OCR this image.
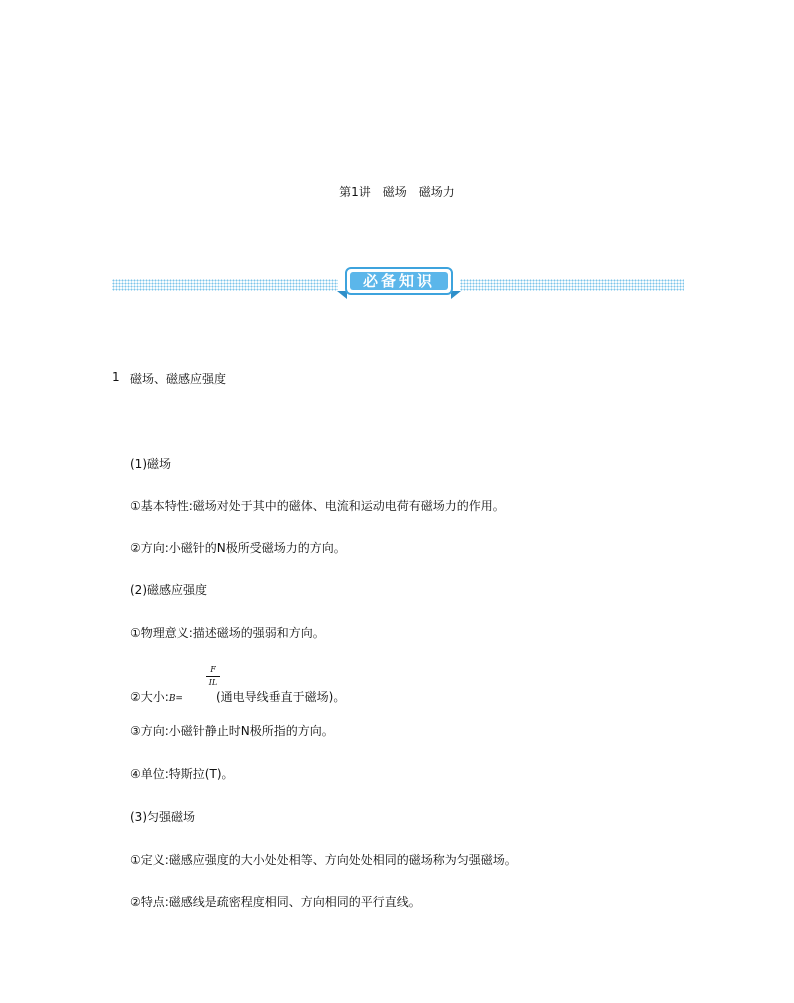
第1讲　磁场　磁场力
必备知识
1 磁场、磁感应强度
(1)磁场
①基本特性:磁场对处于其中的磁体、电流和运动电荷有磁场力的作用。
②方向:小磁针的N极所受磁场力的方向。
(2)磁感应强度
①物理意义:描述磁场的强弱和方向。
②大小:B=
F
IL
(通电导线垂直于磁场)。
③方向:小磁针静止时N极所指的方向。
④单位:特斯拉(T)。
(3)匀强磁场
①定义:磁感应强度的大小处处相等、方向处处相同的磁场称为匀强磁场。
②特点:磁感线是疏密程度相同、方向相同的平行直线。
